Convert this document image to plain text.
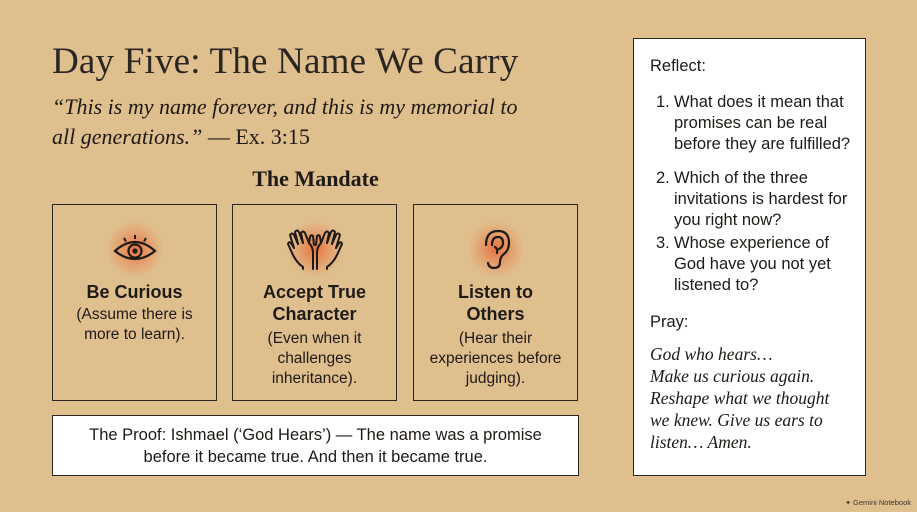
Day Five: The Name We Carry
“This is my name forever, and this is my memorial to
all generations.” — Ex. 3:15
The Mandate
Be Curious
(Assume there is
more to learn).
Accept True
Character
(Even when it
challenges
inheritance).
Listen to
Others
(Hear their
experiences before
judging).
The Proof: Ishmael (‘God Hears’) — The name was a promise
before it became true. And then it became true.
Reflect:
1. What does it mean that
promises can be real
before they are fulfilled?
2. Which of the three
invitations is hardest for
you right now?
3. Whose experience of
God have you not yet
listened to?
Pray:
God who hears…
Make us curious again.
Reshape what we thought
we knew. Give us ears to
listen… Amen.
✦ Gemini Notebook
